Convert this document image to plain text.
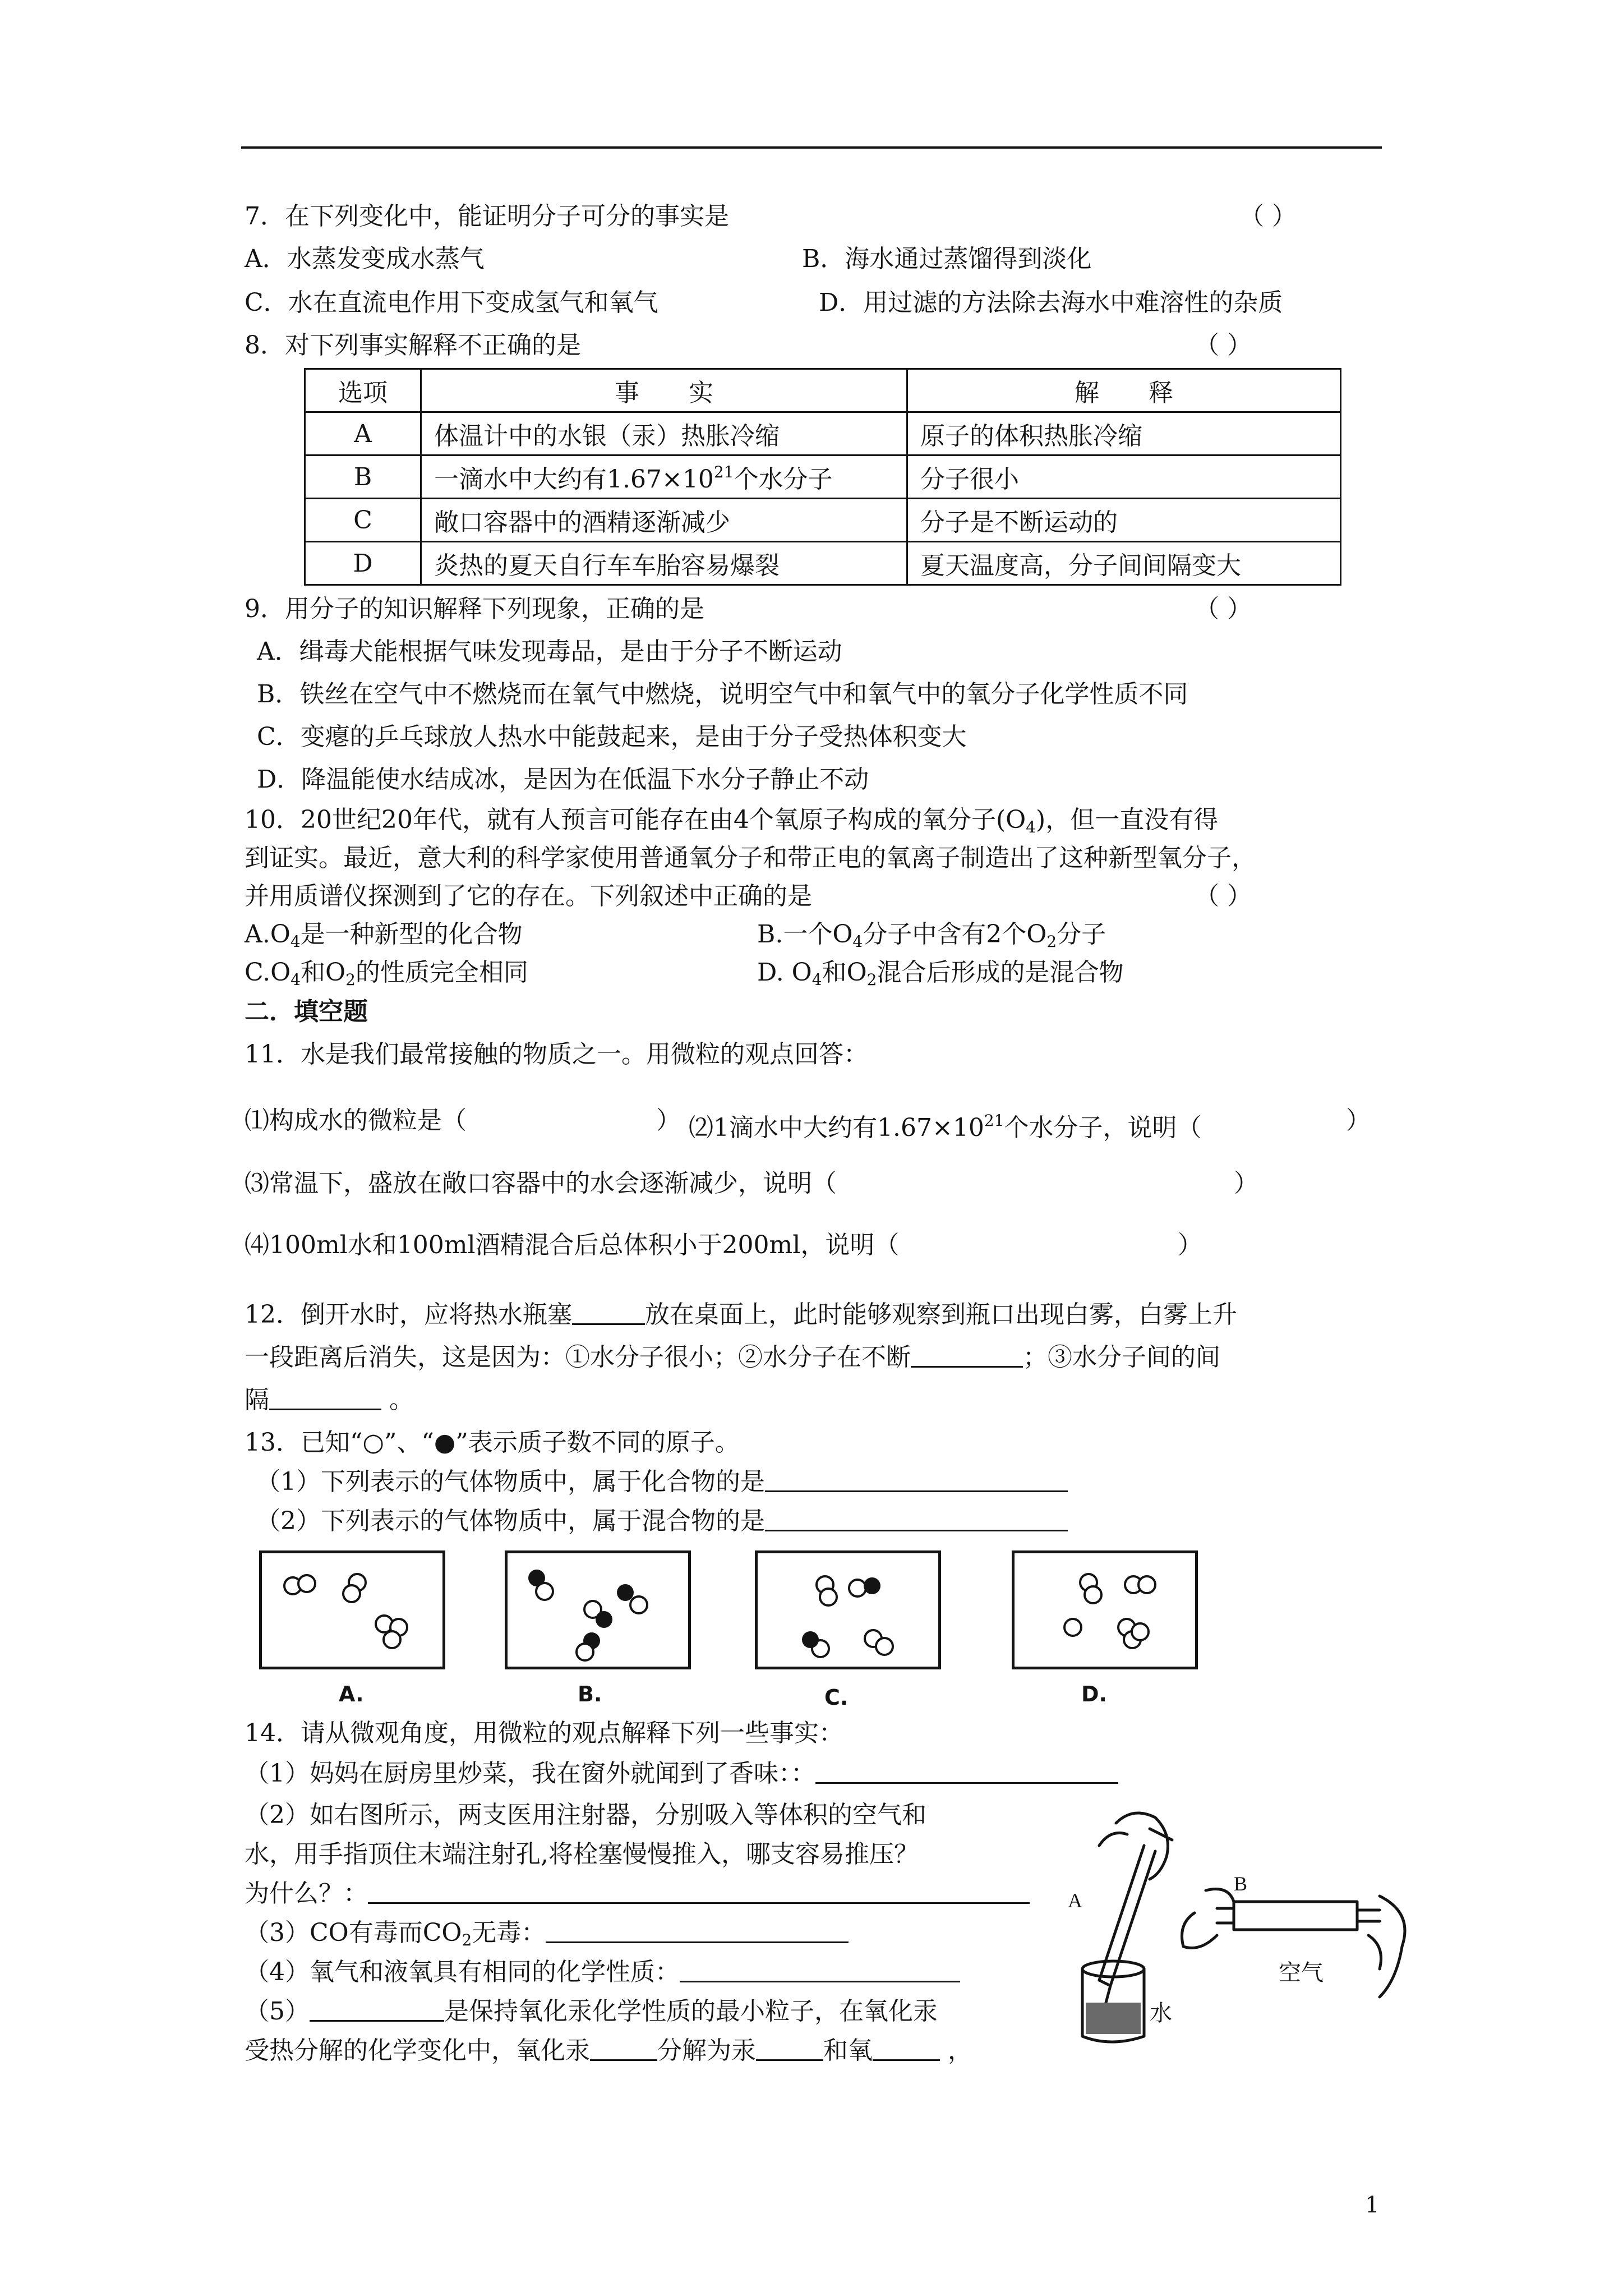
7．在下列变化中，能证明分子可分的事实是	（ ）
A．水蒸发变成水蒸气	B．海水通过蒸馏得到淡化
C．水在直流电作用下变成氢气和氧气	D．用过滤的方法除去海水中难溶性的杂质
8．对下列事实解释不正确的是	（ ）
选项	事　　实	解　　释
A	体温计中的水银（汞）热胀冷缩	原子的体积热胀冷缩
B	一滴水中大约有$1.67\times 10^{21}$个水分子	分子很小
C	敞口容器中的酒精逐渐减少	分子是不断运动的
D	炎热的夏天自行车车胎容易爆裂	夏天温度高，分子间间隔变大
9．用分子的知识解释下列现象，正确的是	（ ）
A．缉毒犬能根据气味发现毒品，是由于分子不断运动
B．铁丝在空气中不燃烧而在氧气中燃烧，说明空气中和氧气中的氧分子化学性质不同
C．变瘪的乒乓球放人热水中能鼓起来，是由于分子受热体积变大
D．降温能使水结成冰，是因为在低温下水分子静止不动
10．20世纪20年代，就有人预言可能存在由4个氧原子构成的氧分子$(O_4)$，但一直没有得
到证实。最近，意大利的科学家使用普通氧分子和带正电的氧离子制造出了这种新型氧分子，
并用质谱仪探测到了它的存在。下列叙述中正确的是	（ ）
$A.O_4$是一种新型的化合物	B.一个$O_4$分子中含有2个$O_2$分子
$C.O_4$和$O_2$的性质完全相同	D. $O_4$和$O_2$混合后形成的是混合物
二．填空题
11．水是我们最常接触的物质之一。用微粒的观点回答：
⑴构成水的微粒是（	） ⑵1滴水中大约有$1.67\times 10^{21}$个水分子，说明（	）
⑶常温下，盛放在敞口容器中的水会逐渐减少，说明（	）
⑷100ml水和100ml酒精混合后总体积小于200ml，说明（	）
12．倒开水时，应将热水瓶塞	放在桌面上，此时能够观察到瓶口出现白雾，白雾上升
一段距离后消失，这是因为：①水分子很小；②水分子在不断	；③水分子间的间
隔	。
13．已知“○”、“●”表示质子数不同的原子。
（1）下列表示的气体物质中，属于化合物的是
（2）下列表示的气体物质中，属于混合物的是
A.	B.	C.	D.
14．请从微观角度，用微粒的观点解释下列一些事实：
（1）妈妈在厨房里炒菜，我在窗外就闻到了香味：：
（2）如右图所示，两支医用注射器，分别吸入等体积的空气和
水，用手指顶住末端注射孔,将栓塞慢慢推入，哪支容易推压？
为什么？：
（3）CO有毒而$CO_2$无毒：
（4）氧气和液氧具有相同的化学性质：
（5）	是保持氧化汞化学性质的最小粒子，在氧化汞
受热分解的化学变化中，氧化汞	分解为汞	和氧	，
A
B
水
空气
1
